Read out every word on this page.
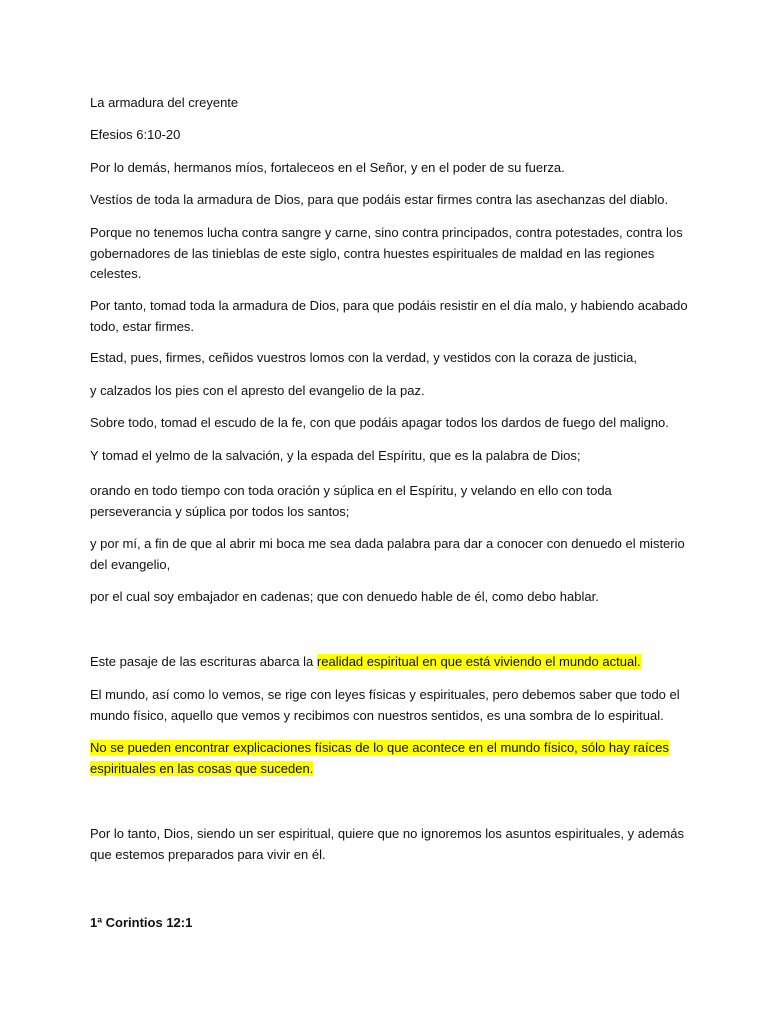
La armadura del creyente

Efesios 6:10-20

Por lo demás, hermanos míos, fortaleceos en el Señor, y en el poder de su fuerza.

Vestíos de toda la armadura de Dios, para que podáis estar firmes contra las asechanzas del diablo.

Porque no tenemos lucha contra sangre y carne, sino contra principados, contra potestades, contra los gobernadores de las tinieblas de este siglo, contra huestes espirituales de maldad en las regiones celestes.

Por tanto, tomad toda la armadura de Dios, para que podáis resistir en el día malo, y habiendo acabado todo, estar firmes.

Estad, pues, firmes, ceñidos vuestros lomos con la verdad, y vestidos con la coraza de justicia,

y calzados los pies con el apresto del evangelio de la paz.

Sobre todo, tomad el escudo de la fe, con que podáis apagar todos los dardos de fuego del maligno.

Y tomad el yelmo de la salvación, y la espada del Espíritu, que es la palabra de Dios;

orando en todo tiempo con toda oración y súplica en el Espíritu, y velando en ello con toda perseverancia y súplica por todos los santos;

y por mí, a fin de que al abrir mi boca me sea dada palabra para dar a conocer con denuedo el misterio del evangelio,

por el cual soy embajador en cadenas; que con denuedo hable de él, como debo hablar.

Este pasaje de las escrituras abarca la realidad espiritual en que está viviendo el mundo actual.

El mundo, así como lo vemos, se rige con leyes físicas y espirituales, pero debemos saber que todo el mundo físico, aquello que vemos y recibimos con nuestros sentidos, es una sombra de lo espiritual.

No se pueden encontrar explicaciones físicas de lo que acontece en el mundo físico, sólo hay raíces espirituales en las cosas que suceden.

Por lo tanto, Dios, siendo un ser espiritual, quiere que no ignoremos los asuntos espirituales, y además que estemos preparados para vivir en él.

1ª Corintios 12:1
